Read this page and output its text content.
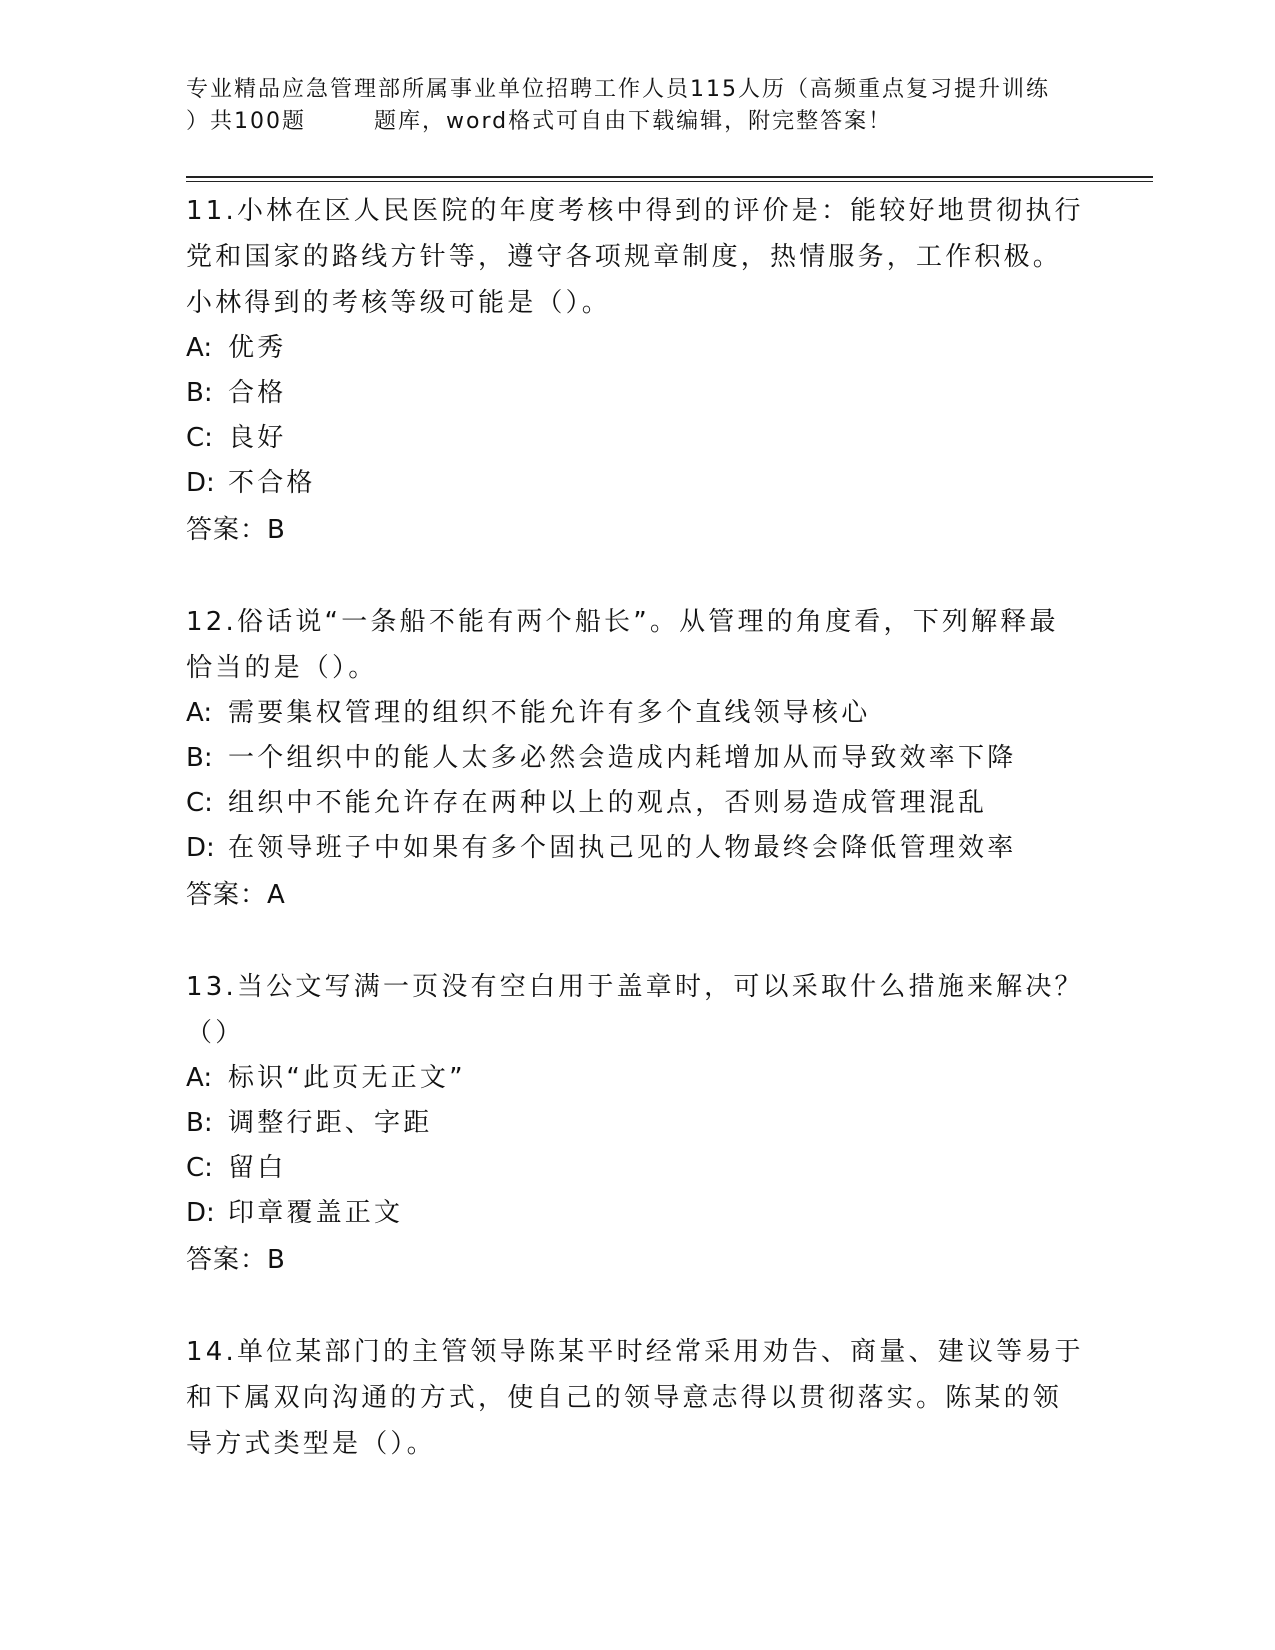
专业精品应急管理部所属事业单位招聘工作人员115人历（高频重点复习提升训练
）共100题	题库，word格式可自由下载编辑，附完整答案！
11.小林在区人民医院的年度考核中得到的评价是：能较好地贯彻执行党和国家的路线方针等，遵守各项规章制度，热情服务，工作积极。小林得到的考核等级可能是（）。
A: 优秀
B: 合格
C: 良好
D: 不合格
答案：B
12.俗话说“一条船不能有两个船长”。从管理的角度看，下列解释最恰当的是（）。
A: 需要集权管理的组织不能允许有多个直线领导核心
B: 一个组织中的能人太多必然会造成内耗增加从而导致效率下降
C: 组织中不能允许存在两种以上的观点，否则易造成管理混乱
D: 在领导班子中如果有多个固执己见的人物最终会降低管理效率
答案：A
13.当公文写满一页没有空白用于盖章时，可以采取什么措施来解决？（）
A: 标识“此页无正文”
B: 调整行距、字距
C: 留白
D: 印章覆盖正文
答案：B
14.单位某部门的主管领导陈某平时经常采用劝告、商量、建议等易于和下属双向沟通的方式，使自己的领导意志得以贯彻落实。陈某的领导方式类型是（）。
